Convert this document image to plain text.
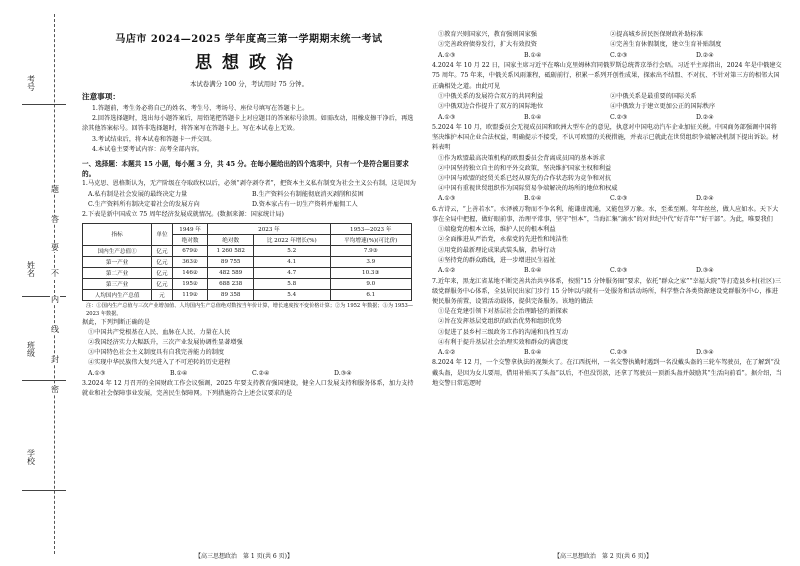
考号
姓名
班级
学校
题
答
要
不
内
线
封
密

马店市 2024—2025 学年度高三第一学期期末统一考试

思想政治

本试卷满分 100 分，考试用时 75 分钟。

注意事项：

1.答题前，考生务必将自己的姓名、考生号、考场号、座位号填写在答题卡上。

2.回答选择题时，选出每小题答案后，用铅笔把答题卡上对应题目的答案标号涂黑。如需改动，用橡皮擦干净后，再选涂其他答案标号。回答非选择题时，将答案写在答题卡上。写在本试卷上无效。

3.考试结束后，将本试卷和答题卡一并交回。

4.本试卷主要考试内容：高考全部内容。

一、选择题：本题共 15 小题，每小题 3 分，共 45 分。在每小题给出的四个选项中，只有一个是符合题目要求的。

1.马克思、恩格斯认为，无产阶级在夺取政权以后，必须“剥夺剥夺者”，把资本主义私有制变为社会主义公有制，这是因为

A.私有制是社会发展的最终决定力量	B.生产资料公有制能彻底消灭剥削和贫困
C.生产资料所有制决定着社会的发展方向	D.资本家占有一切生产资料并雇佣工人

2.下表是新中国成立 75 周年经济发展成就情况。(数据来源：国家统计局)

指标	单位	1949 年	2023 年		1953—2023 年
		绝对数	绝对数	比 2022 年增长(%)	平均增速(%)(可比价)
国内生产总值①	亿元	679②	1 260 582	5.2	7.9③
第一产业	亿元	363②	89 755	4.1	3.9
第二产业	亿元	146②	482 589	4.7	10.3③
第三产业	亿元	195②	688 238	5.8	9.0
人均国内生产总值	元	119②	89 358	5.4	6.1

注：①国内生产总值与三次产业增加值、人均国内生产总值绝对数按当年价计算，增长速度按不变价格计算；②为 1952 年数据；③为 1953—2023 年数据。

据此，下列判断正确的是

①中国共产党根基在人民、血脉在人民、力量在人民

②我国经济实力大幅跃升，三次产业发展协调性显著增强

③中国特色社会主义制度具有自我完善能力的制度

④实现中华民族伟大复兴进入了不可逆转的历史进程

A.①③	B.①④	C.②④	D.③④

3.2024 年 12 月召开的全国财政工作会议强调，2025 年要支持教育强国建设，健全人口发展支持和服务体系，加力支持就业和社会保障事业发展，完善民生保障网。下列措施符合上述会议要求的是

【高三思想政治　第 1 页(共 6 页)】
①教育兴则国家兴，教育强则国家强	②提高城乡居民医保财政补助标准
③完善政府债券发行，扩大有效投资	④完善生育休假制度，建立生育补贴制度
A.①③	B.①④	C.②③	D.②④

4.2024 年 10 月 22 日，国家主席习近平在喀山克里姆林宫同俄罗斯总统普京举行会晤。习近平主席指出，2024 年是中俄建交 75 周年。75 年来，中俄关系风雨兼程，砥砺前行，积累一系列开创性成果，探索出不结盟、不对抗、不针对第三方的相邻大国正确相处之道。由此可见

①中俄关系的发展符合双方的共同利益	②中俄关系是最重要的国际关系
③中俄双边合作提升了双方的国际地位	④中俄致力于建立更加公正的国际秩序
A.①③	B.①④	C.②③	D.②④

5.2024 年 10 月，欧盟委员会无视成员国和欧洲大型车企的意见，执意对中国电动汽车企业加征关税。中国商务部强调中国将坚决维护本国企业合法权益，明确提示不接受，不认可欧盟的关税措施，并表示已就此在世贸组织争端解决机制下提出诉讼。材料表明

①作为欧盟最高决策机构的欧盟委员会背离成员国的基本诉求

②中国坚持独立自主的和平外交政策，坚决维护国家主权和利益

③中国与欧盟的经贸关系已经从原先的合作状态转为竞争和对抗

④中国有重视世贸组织作为国际贸易争端解决的场所的地位和权威

A.①③	B.①④	C.②③	D.②④

6.古诗云，“上善若水”。水泽被万物而不争名利，能谦虚流通，又能包罗万象。水，至柔至刚。年年丝丝，做人应如水。天下大事在全局中把握，做好眼前事，治理平常事，坚守“恒本”，当海汇集“滴水”的对世纪中代“好青年”“好干部”。为此，唯要我们

①端稳党的根本立场，维护人民的根本利益

②全面推进从严治党，永葆党的先进性和纯洁性

③用党的最新理论成果武装头脑，指导行动

④坚持党的群众路线，进一步增进民生福祉

A.①②	B.①④	C.②③	D.③④

7.近年来，黑龙江省某地不断完善共治共享体系，按照“15 分钟服务圈”要求，依托“群众之家”“幸福大院”等打造县乡村(社区)三级党群服务中心体系，全县居民出家门步行 15 分钟以内就有一处服务和活动场所，科学整合各类资源建设党群服务中心，推进便民服务前置，设置活动载体，提供完备服务。该地的做法

①是在党建引领下对基层社会治理路径的新探索

②旨在发挥基层党组织的政治优势和组织优势

③促进了县乡村三级政务工作的沟通和良性互动

④有利于提升基层社会治理实效和群众的满意度

A.①②	B.①④	C.②③	D.③④

8.2024 年 12 月，一个交警拿执法的视频火了。在江西抚州，一名交警执勤时遇到一名没戴头盔的三轮车驾驶员，在了解到“没戴头盔，是因为女儿要用，借用补贴买了头盔”以后，不但没罚款，还拿了驾驶员一顶新头盔并鼓励其“生活向前看”。据介绍，当地交警日常巡逻时

【高三思想政治　第 2 页(共 6 页)】
